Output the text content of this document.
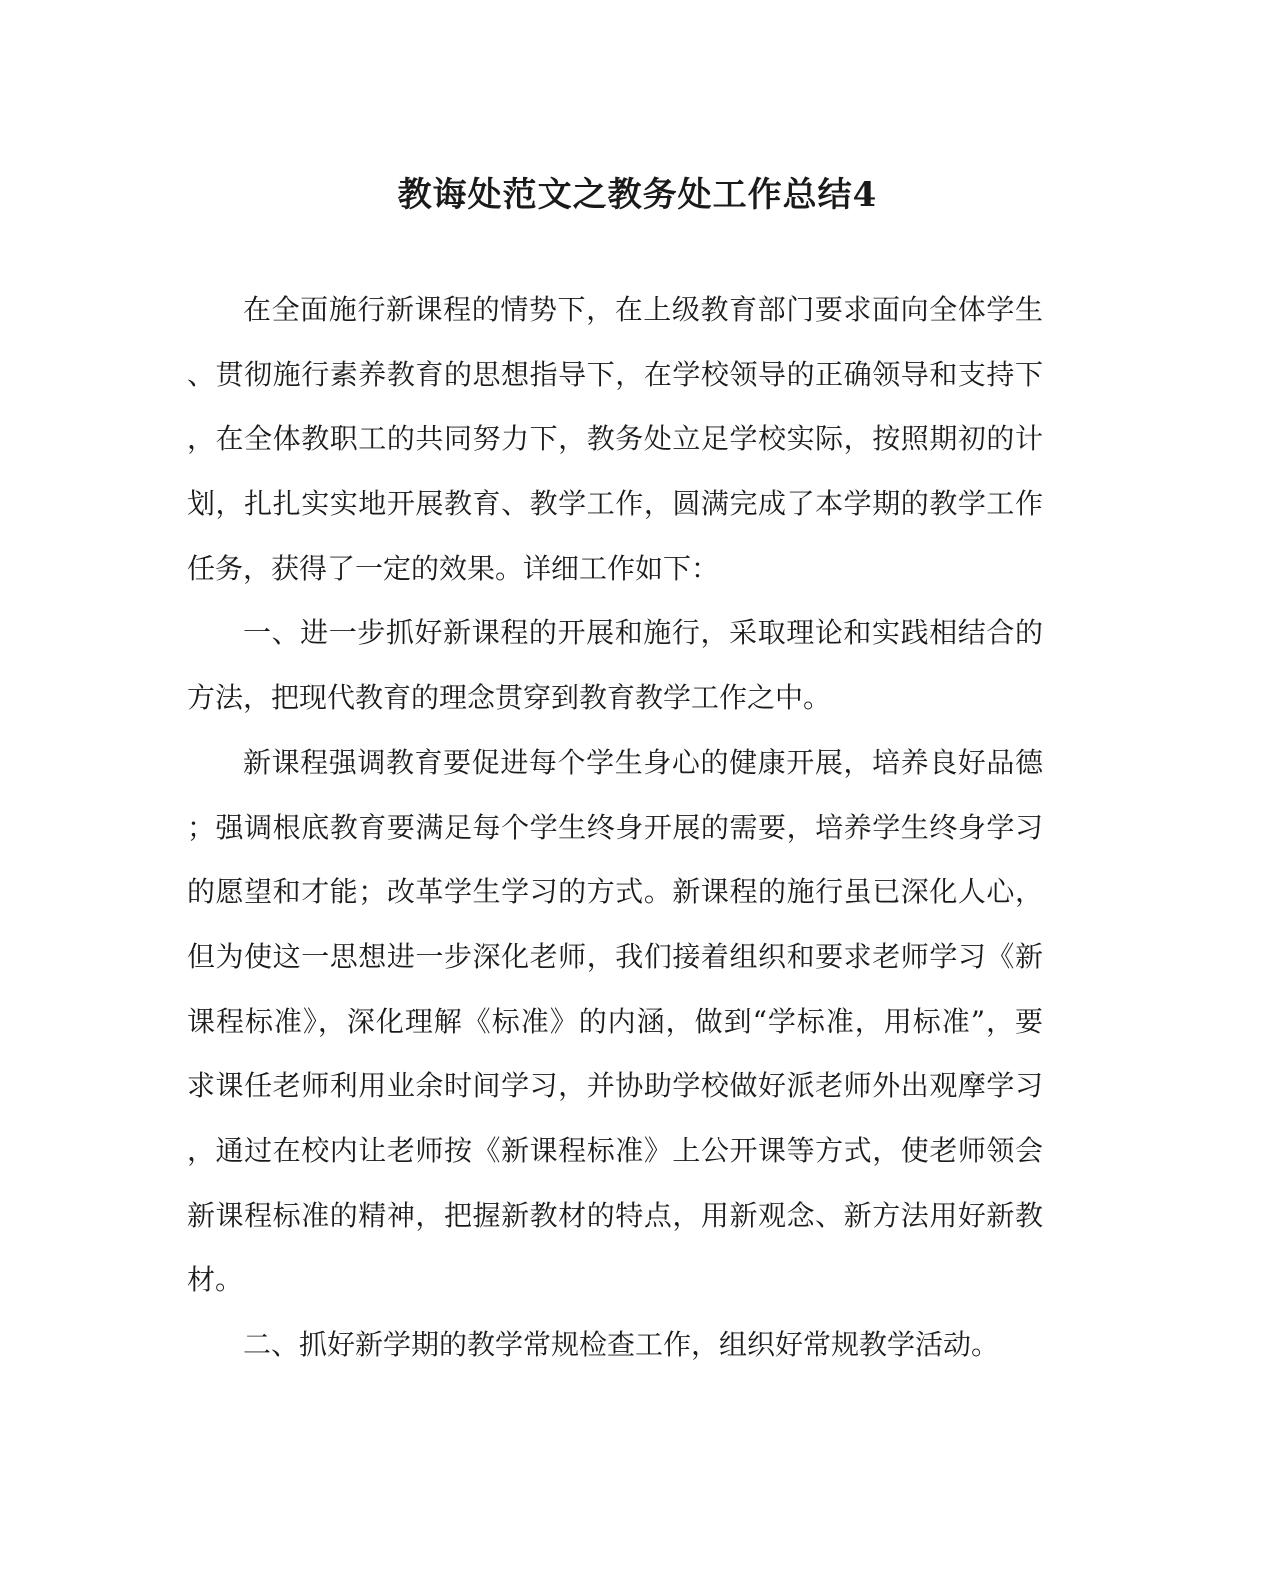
教诲处范文之教务处工作总结4
在全面施行新课程的情势下，在上级教育部门要求面向全体学生
、贯彻施行素养教育的思想指导下，在学校领导的正确领导和支持下
，在全体教职工的共同努力下，教务处立足学校实际，按照期初的计
划，扎扎实实地开展教育、教学工作，圆满完成了本学期的教学工作
任务，获得了一定的效果。详细工作如下：
一、进一步抓好新课程的开展和施行，采取理论和实践相结合的
方法，把现代教育的理念贯穿到教育教学工作之中。
新课程强调教育要促进每个学生身心的健康开展，培养良好品德
；强调根底教育要满足每个学生终身开展的需要，培养学生终身学习
的愿望和才能；改革学生学习的方式。新课程的施行虽已深化人心，
但为使这一思想进一步深化老师，我们接着组织和要求老师学习《新
课程标准》，深化理解《标准》的内涵，做到“学标准，用标准”，要
求课任老师利用业余时间学习，并协助学校做好派老师外出观摩学习
，通过在校内让老师按《新课程标准》上公开课等方式，使老师领会
新课程标准的精神，把握新教材的特点，用新观念、新方法用好新教
材。
二、抓好新学期的教学常规检查工作，组织好常规教学活动。
